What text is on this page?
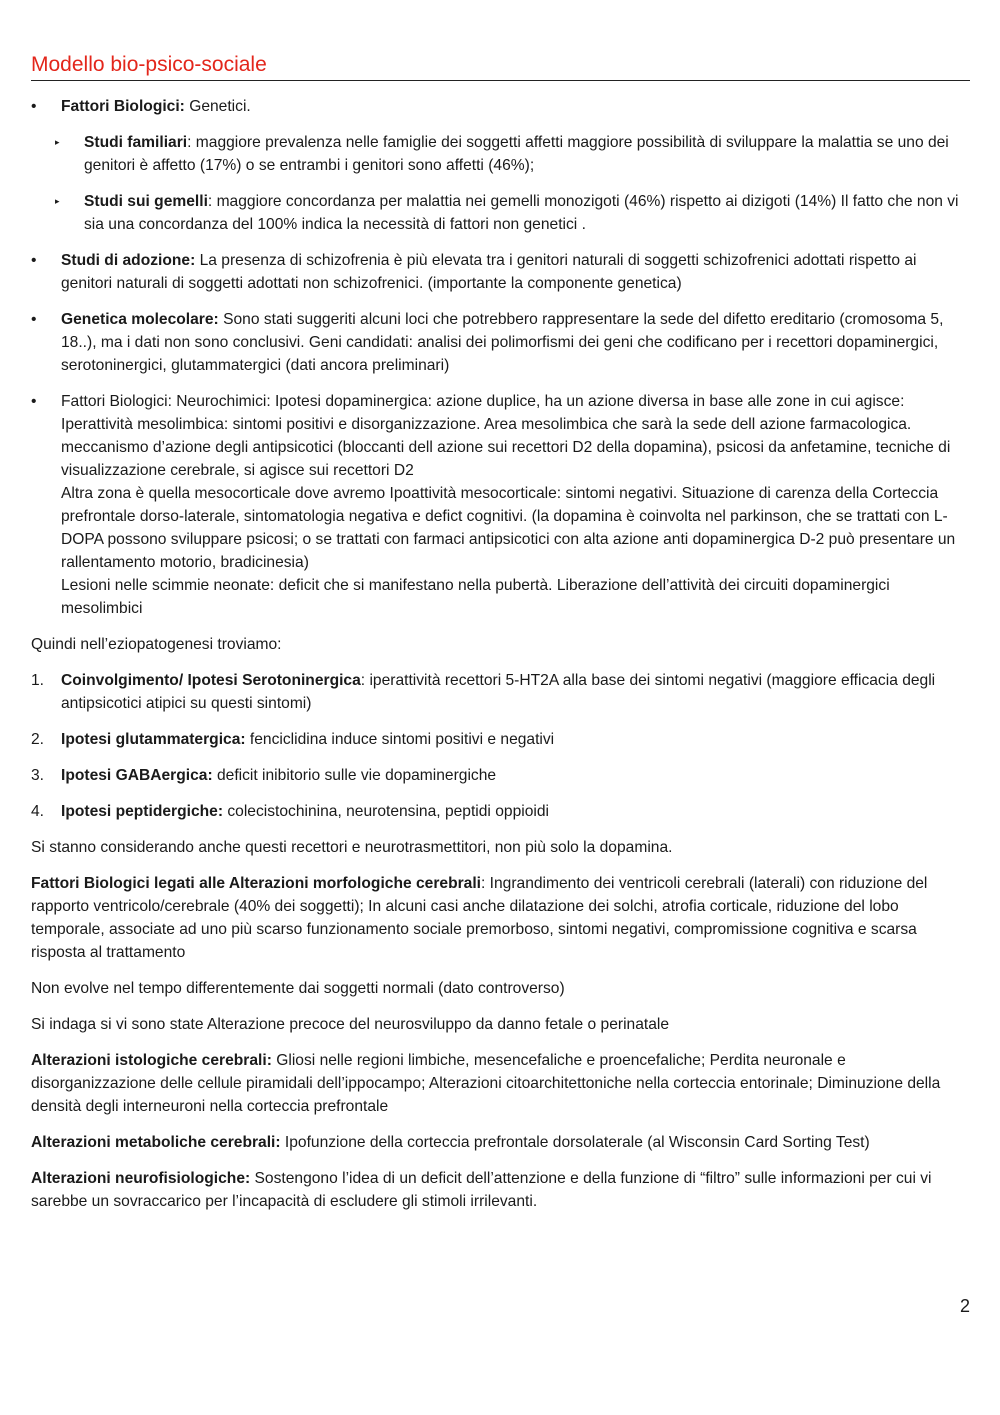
Modello bio-psico-sociale
• Fattori Biologici: Genetici.
▸ Studi familiari: maggiore prevalenza nelle famiglie dei soggetti affetti maggiore possibilità di sviluppare la malattia se uno dei genitori è affetto (17%) o se entrambi i genitori sono affetti (46%);
▸ Studi sui gemelli: maggiore concordanza per malattia nei gemelli monozigoti (46%) rispetto ai dizigoti (14%) Il fatto che non vi sia una concordanza del 100% indica la necessità di fattori non genetici .
• Studi di adozione: La presenza di schizofrenia è più elevata tra i genitori naturali di soggetti schizofrenici adottati rispetto ai genitori naturali di soggetti adottati non schizofrenici. (importante la componente genetica)
• Genetica molecolare: Sono stati suggeriti alcuni loci che potrebbero rappresentare la sede del difetto ereditario (cromosoma 5, 18..), ma i dati non sono conclusivi. Geni candidati: analisi dei polimorfismi dei geni che codificano per i recettori dopaminergici, serotoninergici, glutammatergici (dati ancora preliminari)
• Fattori Biologici: Neurochimici: Ipotesi dopaminergica: azione duplice, ha un azione diversa in base alle zone in cui agisce: Iperattività mesolimbica: sintomi positivi e disorganizzazione. Area mesolimbica che sarà la sede dell azione farmacologica. meccanismo d’azione degli antipsicotici (bloccanti dell azione sui recettori D2 della dopamina), psicosi da anfetamine, tecniche di visualizzazione cerebrale, si agisce sui recettori D2
Altra zona è quella mesocorticale dove avremo Ipoattività mesocorticale: sintomi negativi. Situazione di carenza della Corteccia prefrontale dorso-laterale, sintomatologia negativa e defict cognitivi. (la dopamina è coinvolta nel parkinson, che se trattati con L-DOPA possono sviluppare psicosi; o se trattati con farmaci antipsicotici con alta azione anti dopaminergica D-2 può presentare un rallentamento motorio, bradicinesia)
Lesioni nelle scimmie neonate: deficit che si manifestano nella pubertà. Liberazione dell’attività dei circuiti dopaminergici mesolimbici
Quindi nell’eziopatogenesi troviamo:
1. Coinvolgimento/ Ipotesi Serotoninergica: iperattività recettori 5-HT2A alla base dei sintomi negativi (maggiore efficacia degli antipsicotici atipici su questi sintomi)
2. Ipotesi glutammatergica: fenciclidina induce sintomi positivi e negativi
3. Ipotesi GABAergica: deficit inibitorio sulle vie dopaminergiche
4. Ipotesi peptidergiche: colecistochinina, neurotensina, peptidi oppioidi
Si stanno considerando anche questi recettori e neurotrasmettitori, non più solo la dopamina.
Fattori Biologici legati alle Alterazioni morfologiche cerebrali: Ingrandimento dei ventricoli cerebrali (laterali) con riduzione del rapporto ventricolo/cerebrale (40% dei soggetti); In alcuni casi anche dilatazione dei solchi, atrofia corticale, riduzione del lobo temporale, associate ad uno più scarso funzionamento sociale premorboso, sintomi negativi, compromissione cognitiva e scarsa risposta al trattamento
Non evolve nel tempo differentemente dai soggetti normali (dato controverso)
Si indaga si vi sono state Alterazione precoce del neurosviluppo da danno fetale o perinatale
Alterazioni istologiche cerebrali: Gliosi nelle regioni limbiche, mesencefaliche e proencefaliche; Perdita neuronale e disorganizzazione delle cellule piramidali dell’ippocampo; Alterazioni citoarchitettoniche nella corteccia entorinale; Diminuzione della densità degli interneuroni nella corteccia prefrontale
Alterazioni metaboliche cerebrali: Ipofunzione della corteccia prefrontale dorsolaterale (al Wisconsin Card Sorting Test)
Alterazioni neurofisiologiche: Sostengono l’idea di un deficit dell’attenzione e della funzione di “filtro” sulle informazioni per cui vi sarebbe un sovraccarico per l’incapacità di escludere gli stimoli irrilevanti.
2
